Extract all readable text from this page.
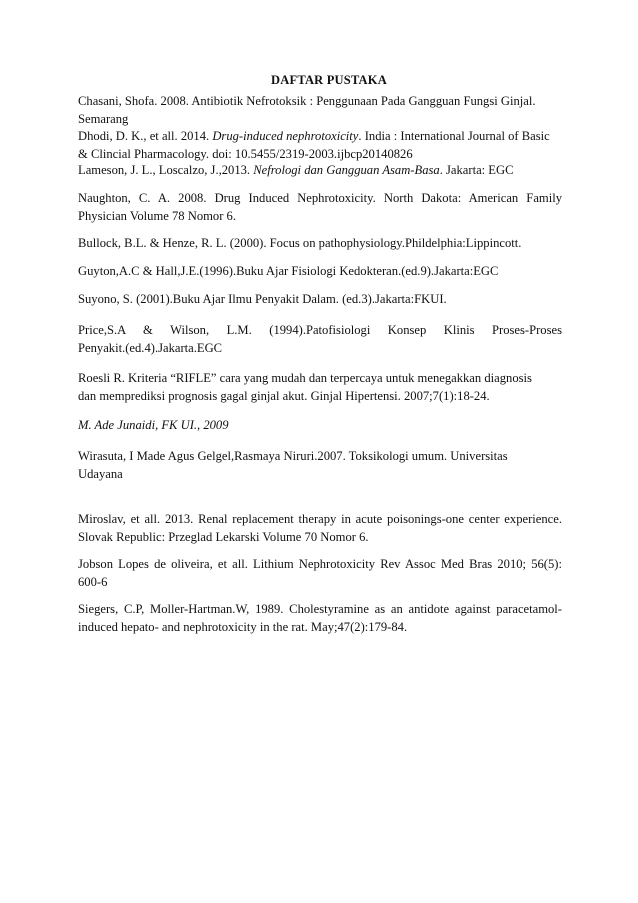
DAFTAR PUSTAKA
Chasani, Shofa. 2008. Antibiotik Nefrotoksik : Penggunaan Pada Gangguan Fungsi Ginjal.
Semarang
Dhodi, D. K., et all. 2014. Drug-induced nephrotoxicity. India : International Journal of Basic
& Clincial Pharmacology. doi: 10.5455/2319-2003.ijbcp20140826
Lameson, J. L., Loscalzo, J.,2013. Nefrologi dan Gangguan Asam-Basa. Jakarta: EGC
Naughton, C. A. 2008. Drug Induced Nephrotoxicity. North Dakota: American Family
Physician Volume 78 Nomor 6.
Bullock, B.L. & Henze, R. L. (2000). Focus on pathophysiology.Phildelphia:Lippincott.
Guyton,A.C & Hall,J.E.(1996).Buku Ajar Fisiologi Kedokteran.(ed.9).Jakarta:EGC
Suyono, S. (2001).Buku Ajar Ilmu Penyakit Dalam. (ed.3).Jakarta:FKUI.
Price,S.A & Wilson, L.M. (1994).Patofisiologi Konsep Klinis Proses-Proses
Penyakit.(ed.4).Jakarta.EGC
Roesli R. Kriteria “RIFLE” cara yang mudah dan terpercaya untuk menegakkan diagnosis
dan memprediksi prognosis gagal ginjal akut. Ginjal Hipertensi. 2007;7(1):18-24.
M. Ade Junaidi, FK UI., 2009
Wirasuta, I Made Agus Gelgel,Rasmaya Niruri.2007. Toksikologi umum. Universitas
Udayana
Miroslav, et all. 2013. Renal replacement therapy in acute poisonings-one center experience.
Slovak Republic: Przeglad Lekarski Volume 70 Nomor 6.
Jobson Lopes de oliveira, et all. Lithium Nephrotoxicity Rev Assoc Med Bras 2010; 56(5):
600-6
Siegers, C.P, Moller-Hartman.W, 1989. Cholestyramine as an antidote against paracetamol-
induced hepato- and nephrotoxicity in the rat. May;47(2):179-84.
